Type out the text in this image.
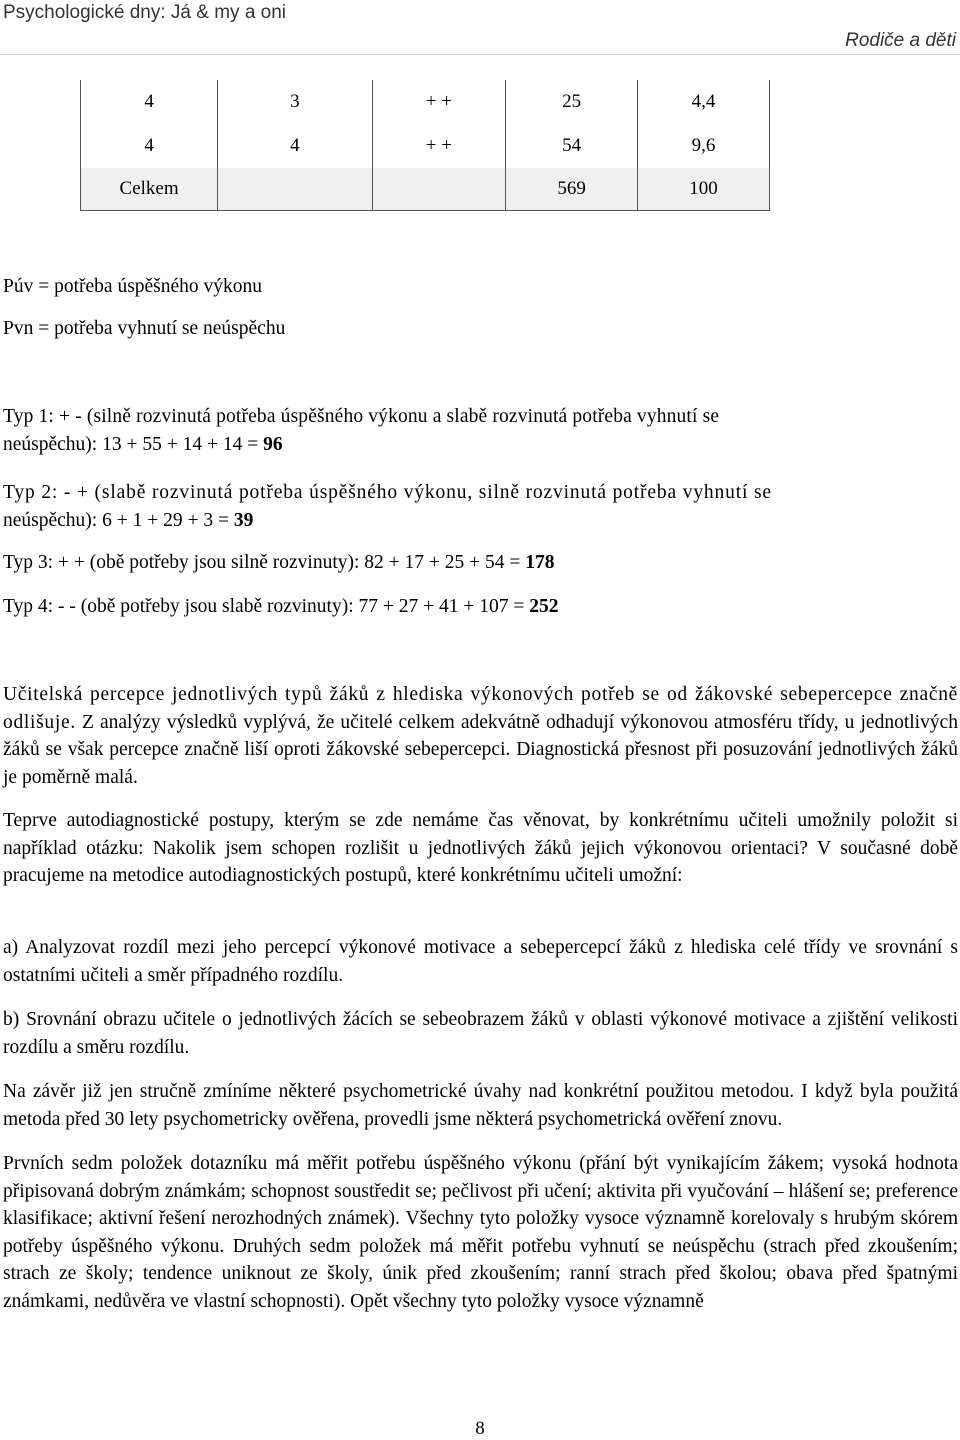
Psychologické dny: Já & my a oni
Rodiče a děti
4	3	+ +	25	4,4
4	4	+ +	54	9,6
Celkem			569	100
Púv = potřeba úspěšného výkonu
Pvn = potřeba vyhnutí se neúspěchu
Typ 1: + - (silně rozvinutá potřeba úspěšného výkonu a slabě rozvinutá potřeba vyhnutí se
neúspěchu): 13 + 55 + 14 + 14 = 96
Typ 2: - + (slabě rozvinutá potřeba úspěšného výkonu, silně rozvinutá potřeba vyhnutí se
neúspěchu): 6 + 1 + 29 + 3 = 39
Typ 3: + + (obě potřeby jsou silně rozvinuty): 82 + 17 + 25 + 54 = 178
Typ 4: - - (obě potřeby jsou slabě rozvinuty): 77 + 27 + 41 + 107 = 252
Učitelská percepce jednotlivých typů žáků z hlediska výkonových potřeb se od žákovské sebepercepce značně odlišuje. Z analýzy výsledků vyplývá, že učitelé celkem adekvátně odhadují výkonovou atmosféru třídy, u jednotlivých žáků se však percepce značně liší oproti žákovské sebepercepci. Diagnostická přesnost při posuzování jednotlivých žáků je poměrně malá.
Teprve autodiagnostické postupy, kterým se zde nemáme čas věnovat, by konkrétnímu učiteli umožnily položit si například otázku: Nakolik jsem schopen rozlišit u jednotlivých žáků jejich výkonovou orientaci? V současné době pracujeme na metodice autodiagnostických postupů, které konkrétnímu učiteli umožní:
a) Analyzovat rozdíl mezi jeho percepcí výkonové motivace a sebepercepcí žáků z hlediska celé třídy ve srovnání s ostatními učiteli a směr případného rozdílu.
b) Srovnání obrazu učitele o jednotlivých žácích se sebeobrazem žáků v oblasti výkonové motivace a zjištění velikosti rozdílu a směru rozdílu.
Na závěr již jen stručně zmíníme některé psychometrické úvahy nad konkrétní použitou metodou. I když byla použitá metoda před 30 lety psychometricky ověřena, provedli jsme některá psychometrická ověření znovu.
Prvních sedm položek dotazníku má měřit potřebu úspěšného výkonu (přání být vynikajícím žákem; vysoká hodnota připisovaná dobrým známkám; schopnost soustředit se; pečlivost při učení; aktivita při vyučování – hlášení se; preference klasifikace; aktivní řešení nerozhodných známek). Všechny tyto položky vysoce významně korelovaly s hrubým skórem potřeby úspěšného výkonu. Druhých sedm položek má měřit potřebu vyhnutí se neúspěchu (strach před zkoušením; strach ze školy; tendence uniknout ze školy, únik před zkoušením; ranní strach před školou; obava před špatnými známkami, nedůvěra ve vlastní schopnosti). Opět všechny tyto položky vysoce významně
8
